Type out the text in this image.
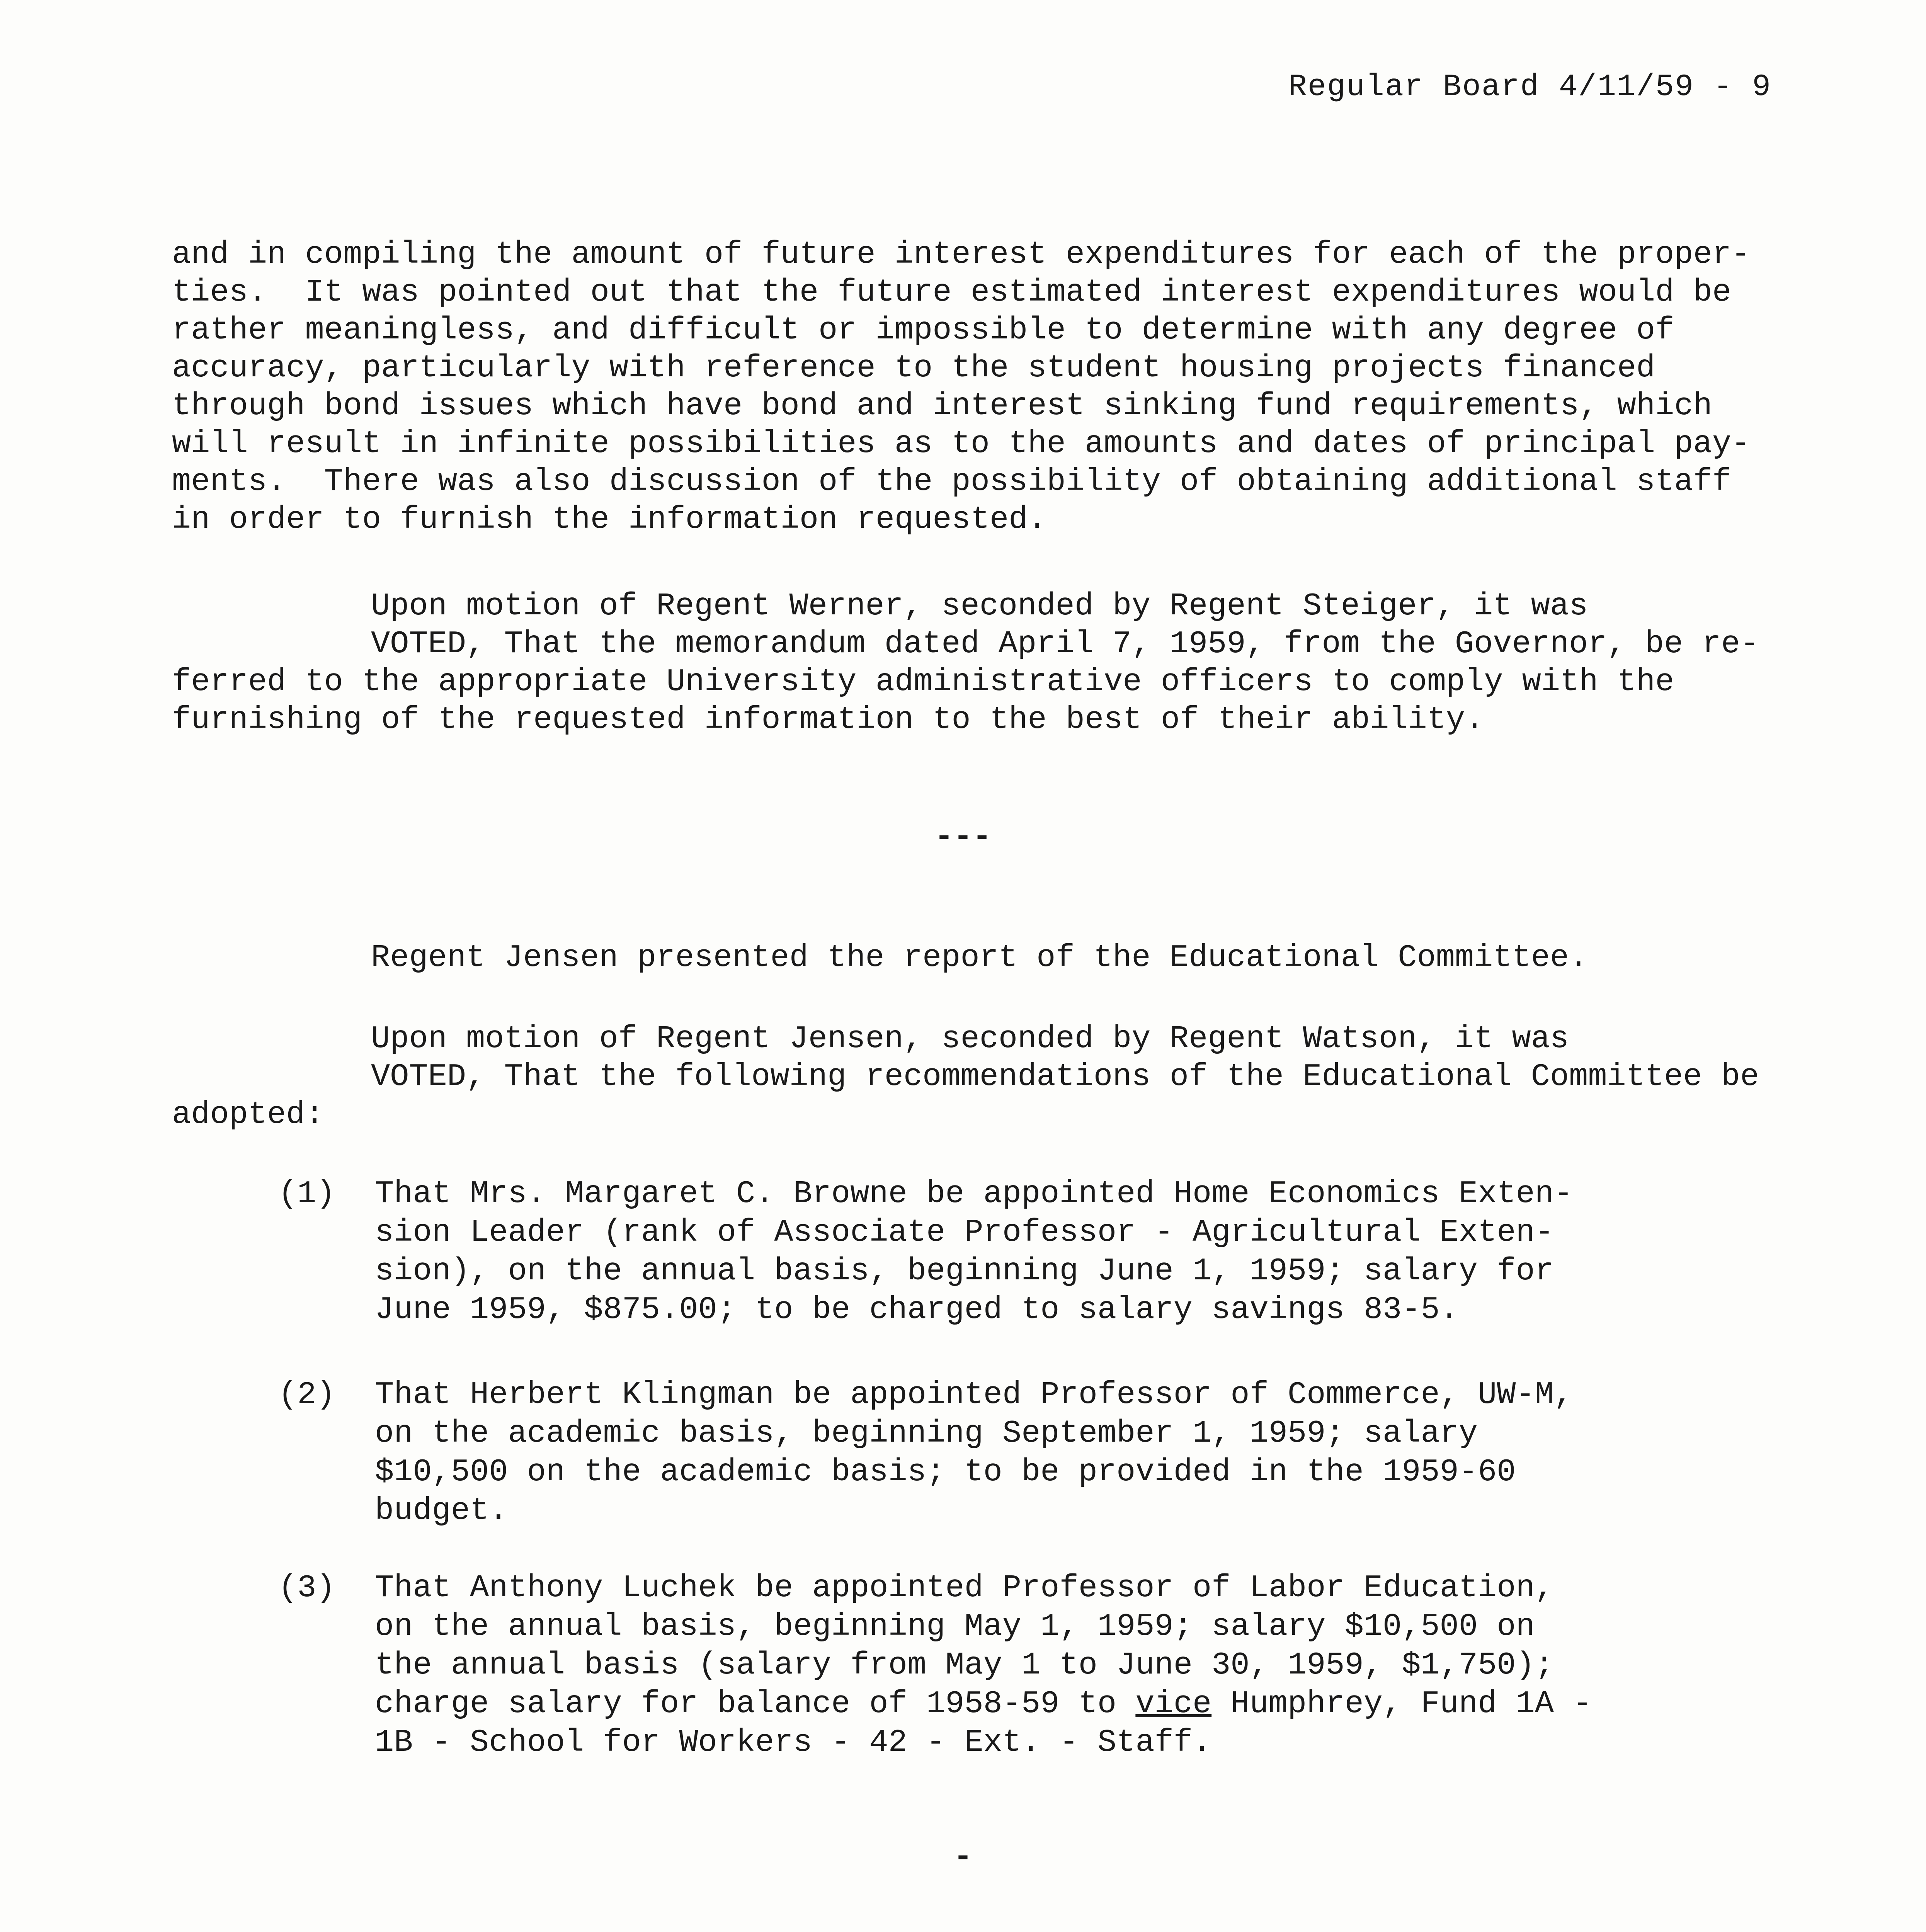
Regular Board 4/11/59 - 9
and in compiling the amount of future interest expenditures for each of the proper-
ties.  It was pointed out that the future estimated interest expenditures would be
rather meaningless, and difficult or impossible to determine with any degree of
accuracy, particularly with reference to the student housing projects financed
through bond issues which have bond and interest sinking fund requirements, which
will result in infinite possibilities as to the amounts and dates of principal pay-
ments.  There was also discussion of the possibility of obtaining additional staff
in order to furnish the information requested.
Upon motion of Regent Werner, seconded by Regent Steiger, it was
VOTED, That the memorandum dated April 7, 1959, from the Governor, be re-
ferred to the appropriate University administrative officers to comply with the
furnishing of the requested information to the best of their ability.
---
Regent Jensen presented the report of the Educational Committee.
Upon motion of Regent Jensen, seconded by Regent Watson, it was
VOTED, That the following recommendations of the Educational Committee be
adopted:
(1) That Mrs. Margaret C. Browne be appointed Home Economics Exten-
sion Leader (rank of Associate Professor - Agricultural Exten-
sion), on the annual basis, beginning June 1, 1959; salary for
June 1959, $875.00; to be charged to salary savings 83-5.
(2) That Herbert Klingman be appointed Professor of Commerce, UW-M,
on the academic basis, beginning September 1, 1959; salary
$10,500 on the academic basis; to be provided in the 1959-60
budget.
(3) That Anthony Luchek be appointed Professor of Labor Education,
on the annual basis, beginning May 1, 1959; salary $10,500 on
the annual basis (salary from May 1 to June 30, 1959, $1,750);
charge salary for balance of 1958-59 to vice Humphrey, Fund 1A -
1B - School for Workers - 42 - Ext. - Staff.
-
